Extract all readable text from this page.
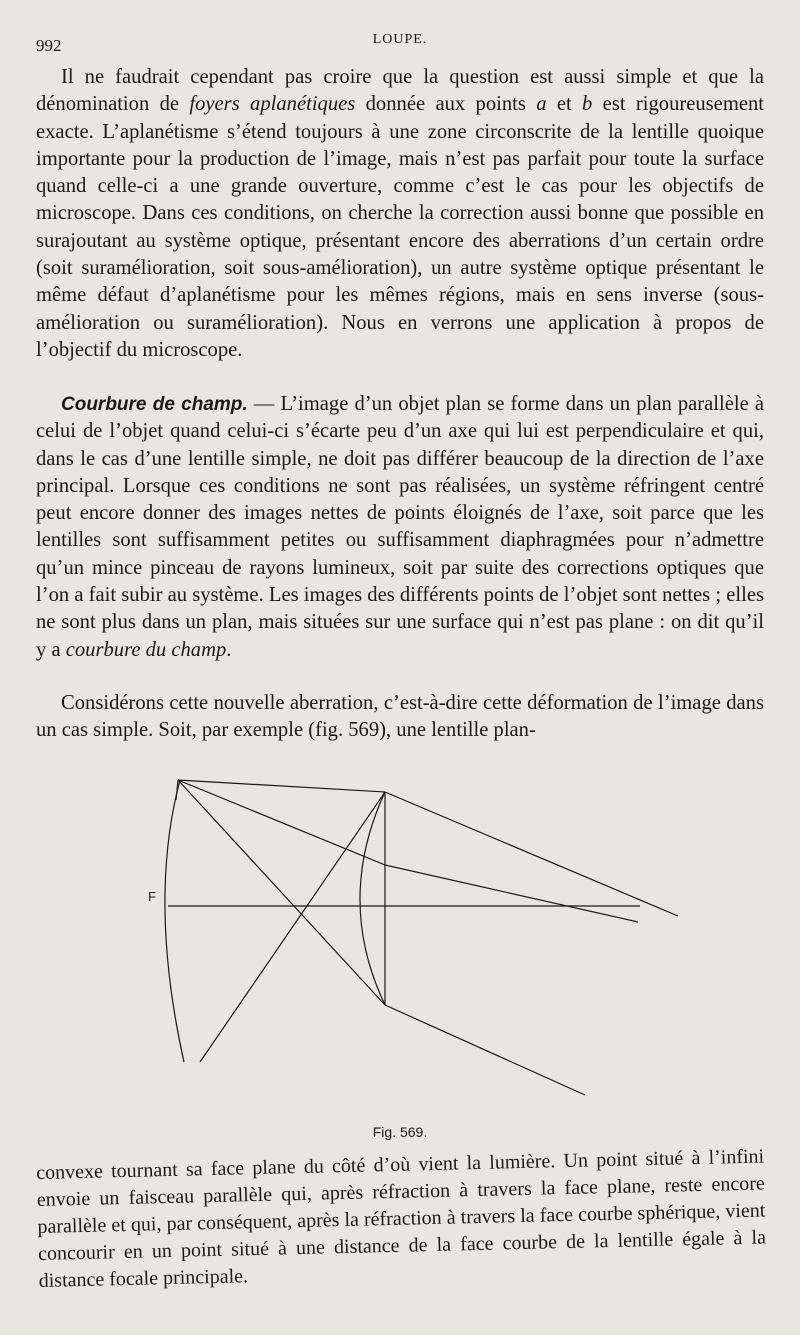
992	LOUPE.

Il ne faudrait cependant pas croire que la question est aussi simple et que la dénomination de foyers aplanétiques donnée aux points a et b est rigoureusement exacte. L’aplanétisme s’étend toujours à une zone circonscrite de la lentille quoique importante pour la production de l’image, mais n’est pas parfait pour toute la surface quand celle-ci a une grande ouverture, comme c’est le cas pour les objectifs de microscope. Dans ces conditions, on cherche la correction aussi bonne que possible en surajoutant au système optique, présentant encore des aberrations d’un certain ordre (soit suramélioration, soit sous-amélioration), un autre système optique présentant le même défaut d’aplanétisme pour les mêmes régions, mais en sens inverse (sous-amélioration ou suramélioration). Nous en verrons une application à propos de l’objectif du microscope.

Courbure de champ. — L’image d’un objet plan se forme dans un plan parallèle à celui de l’objet quand celui-ci s’écarte peu d’un axe qui lui est perpendiculaire et qui, dans le cas d’une lentille simple, ne doit pas différer beaucoup de la direction de l’axe principal. Lorsque ces conditions ne sont pas réalisées, un système réfringent centré peut encore donner des images nettes de points éloignés de l’axe, soit parce que les lentilles sont suffisamment petites ou suffisamment diaphragmées pour n’admettre qu’un mince pinceau de rayons lumineux, soit par suite des corrections optiques que l’on a fait subir au système. Les images des différents points de l’objet sont nettes ; elles ne sont plus dans un plan, mais situées sur une surface qui n’est pas plane : on dit qu’il y a courbure du champ.

Considérons cette nouvelle aberration, c’est-à-dire cette déformation de l’image dans un cas simple. Soit, par exemple (fig. 569), une lentille plan-

F
Fig. 569.

convexe tournant sa face plane du côté d’où vient la lumière. Un point situé à l’infini envoie un faisceau parallèle qui, après réfraction à travers la face plane, reste encore parallèle et qui, par conséquent, après la réfraction à travers la face courbe sphérique, vient concourir en un point situé à une distance de la face courbe de la lentille égale à la distance focale principale.
